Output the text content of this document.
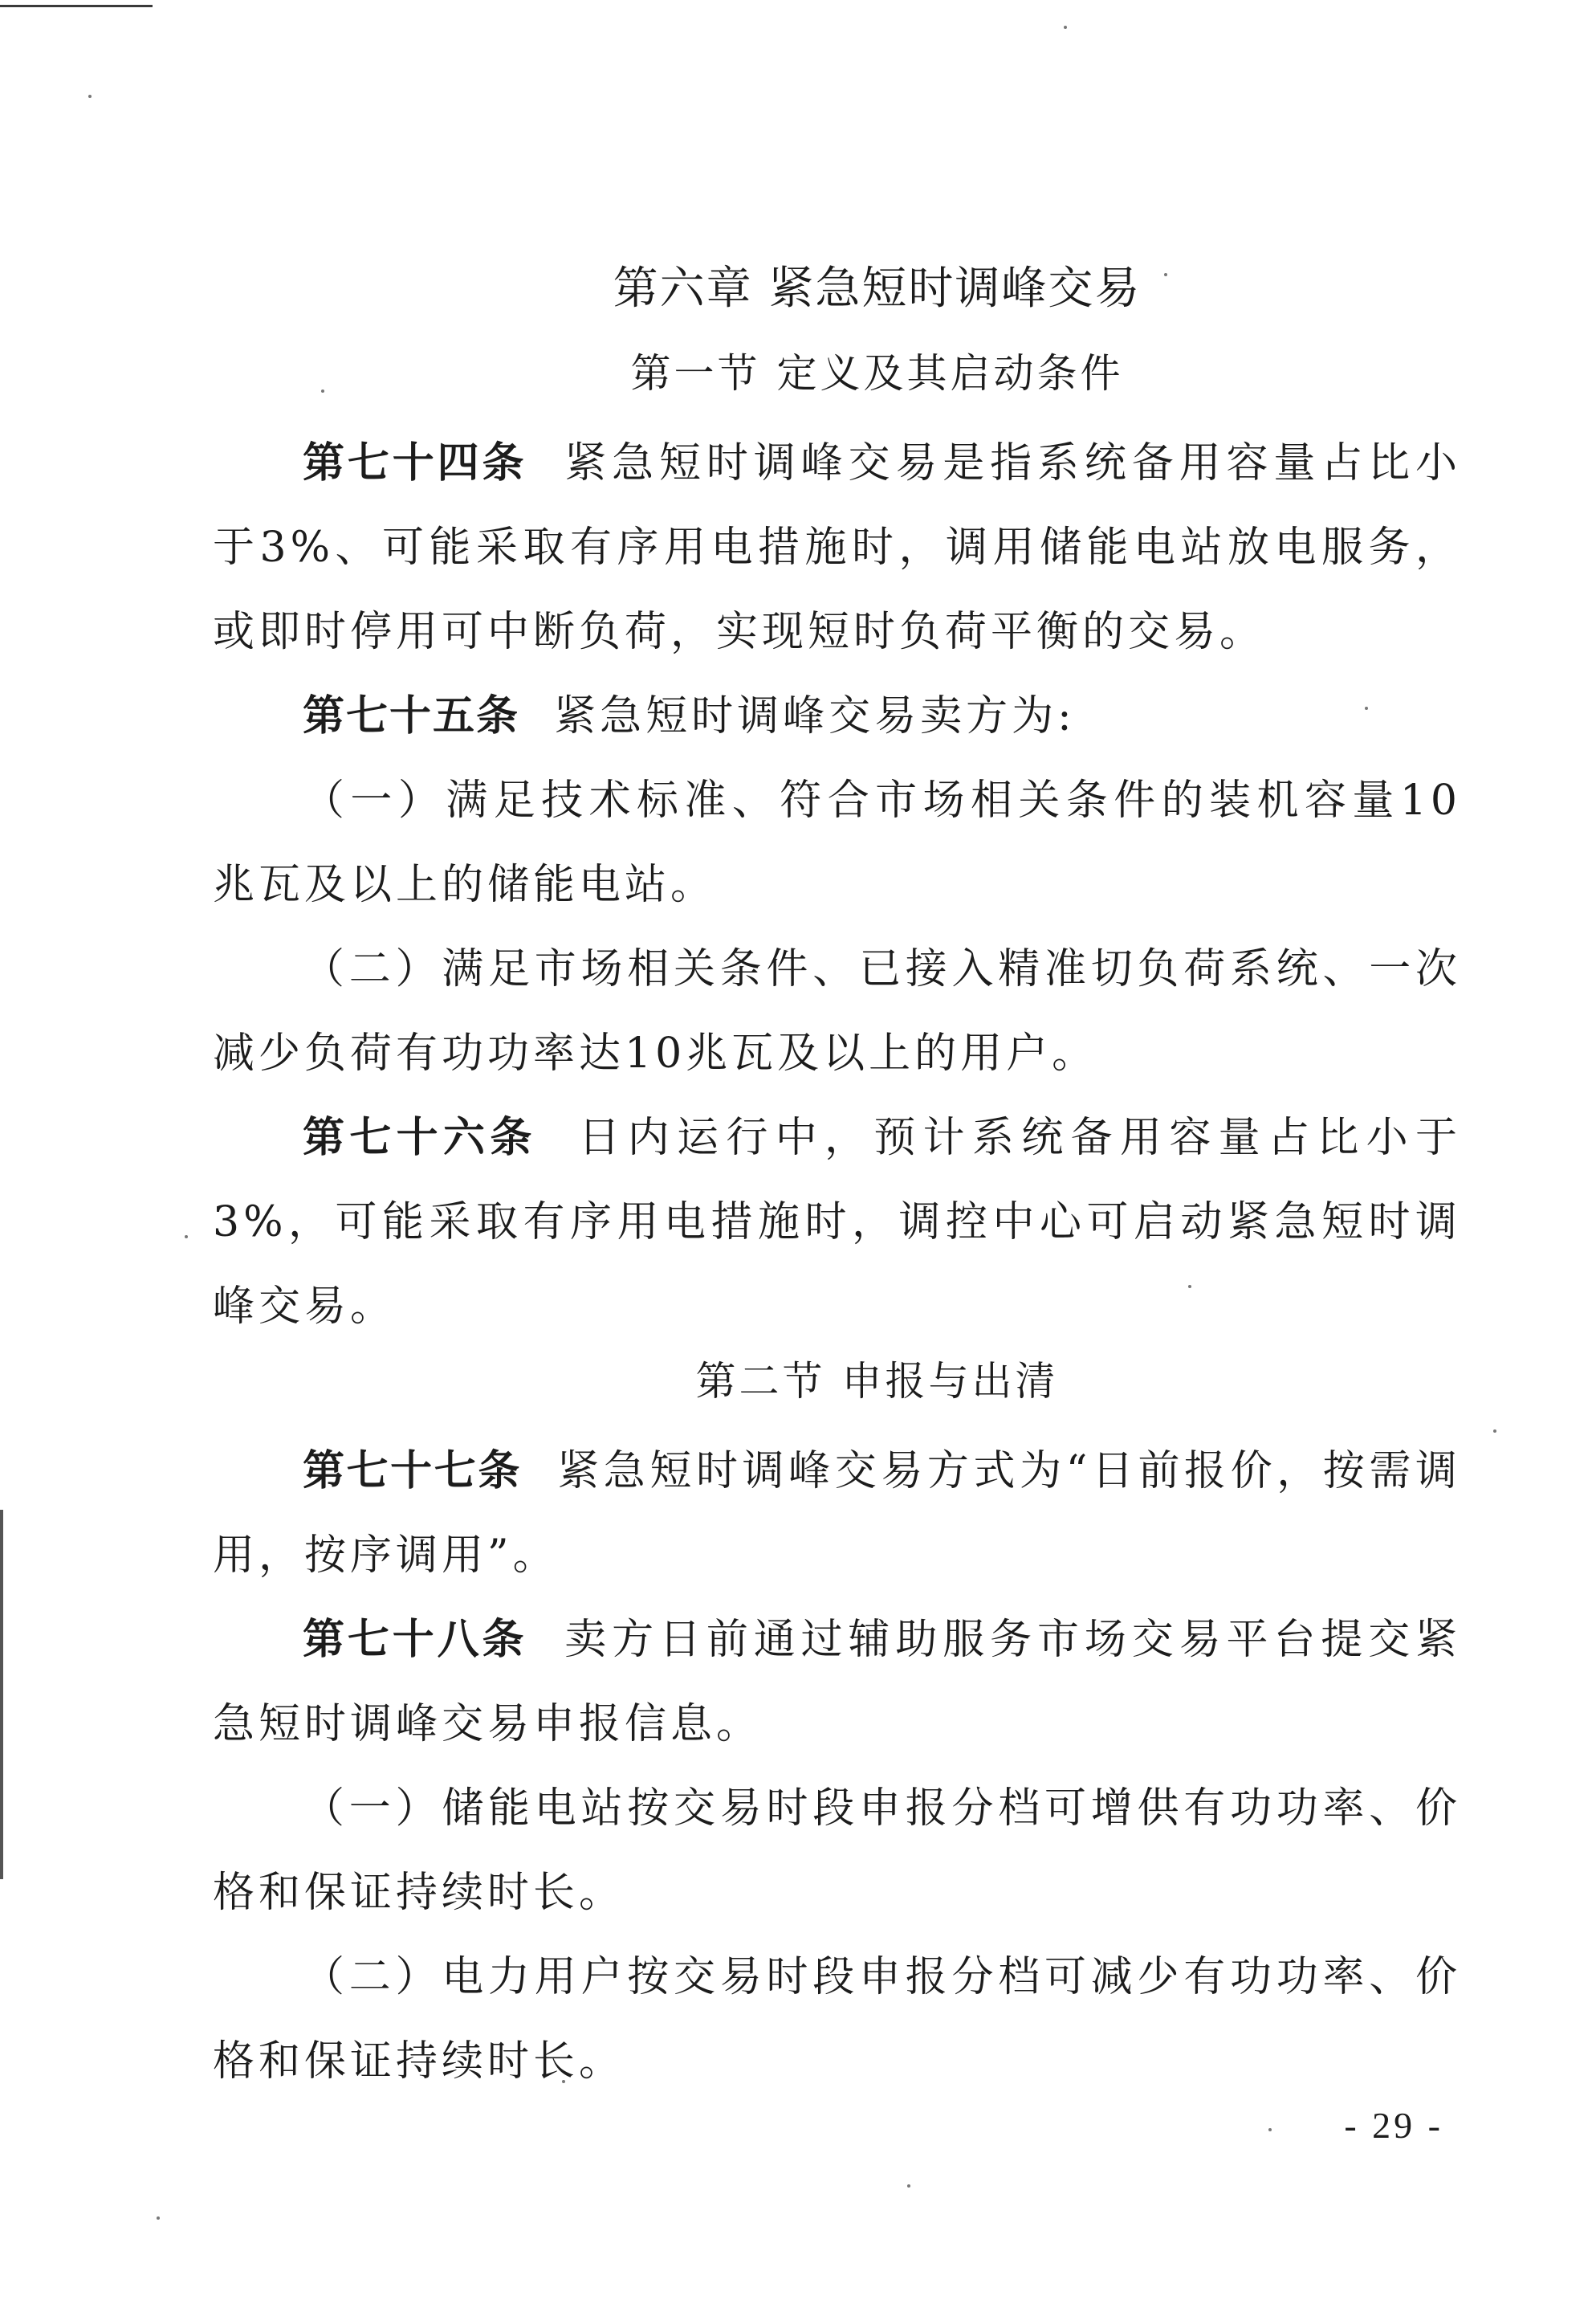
第六章 紧急短时调峰交易
第一节 定义及其启动条件

第七十四条 紧急短时调峰交易是指系统备用容量占比小于3%、可能采取有序用电措施时，调用储能电站放电服务，或即时停用可中断负荷，实现短时负荷平衡的交易。

第七十五条 紧急短时调峰交易卖方为:

（一）满足技术标准、符合市场相关条件的装机容量10兆瓦及以上的储能电站。

（二）满足市场相关条件、已接入精准切负荷系统、一次减少负荷有功功率达10兆瓦及以上的用户。

第七十六条 日内运行中，预计系统备用容量占比小于3%，可能采取有序用电措施时，调控中心可启动紧急短时调峰交易。

第二节 申报与出清

第七十七条 紧急短时调峰交易方式为“日前报价，按需调用，按序调用”。

第七十八条 卖方日前通过辅助服务市场交易平台提交紧急短时调峰交易申报信息。

（一）储能电站按交易时段申报分档可增供有功功率、价格和保证持续时长。

（二）电力用户按交易时段申报分档可减少有功功率、价格和保证持续时长。

- 29 -
